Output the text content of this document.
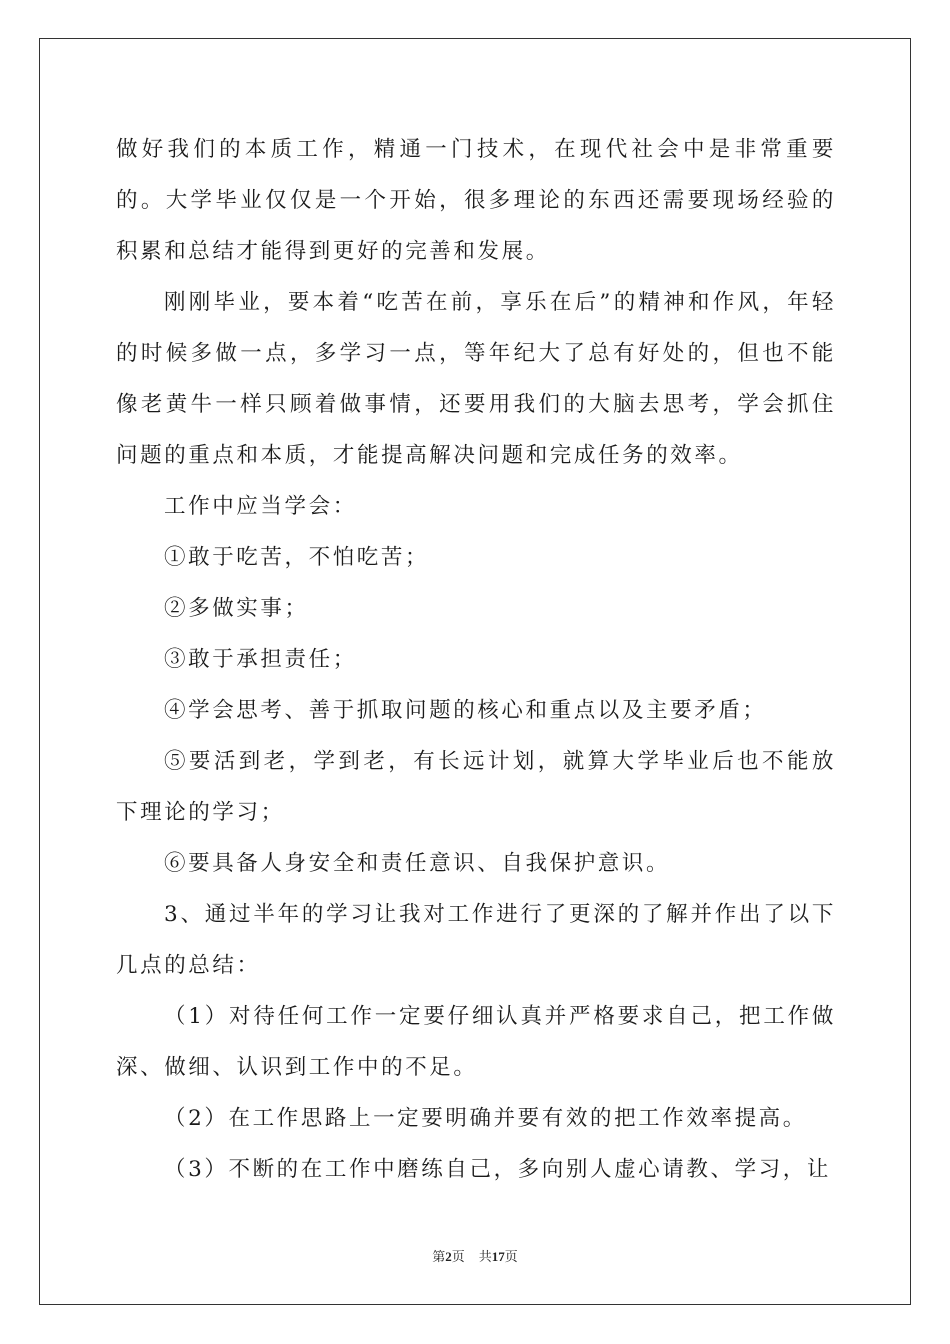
做好我们的本质工作，精通一门技术，在现代社会中是非常重要的。大学毕业仅仅是一个开始，很多理论的东西还需要现场经验的积累和总结才能得到更好的完善和发展。

刚刚毕业，要本着“吃苦在前，享乐在后”的精神和作风，年轻的时候多做一点，多学习一点，等年纪大了总有好处的，但也不能像老黄牛一样只顾着做事情，还要用我们的大脑去思考，学会抓住问题的重点和本质，才能提高解决问题和完成任务的效率。

工作中应当学会：

①敢于吃苦，不怕吃苦；

②多做实事；

③敢于承担责任；

④学会思考、善于抓取问题的核心和重点以及主要矛盾；

⑤要活到老，学到老，有长远计划，就算大学毕业后也不能放下理论的学习；

⑥要具备人身安全和责任意识、自我保护意识。

3、通过半年的学习让我对工作进行了更深的了解并作出了以下几点的总结：

（1）对待任何工作一定要仔细认真并严格要求自己，把工作做深、做细、认识到工作中的不足。

（2）在工作思路上一定要明确并要有效的把工作效率提高。

（3）不断的在工作中磨练自己，多向别人虚心请教、学习，让

第2页 共17页
